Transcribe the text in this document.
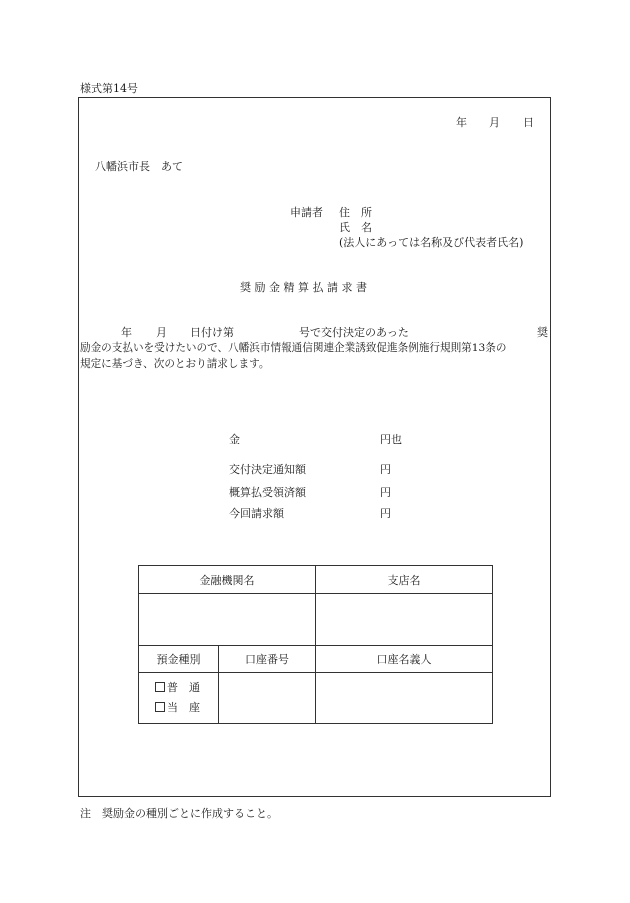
様式第14号
年 月 日
八幡浜市長　あて
申請者 住　所
氏　名
(法人にあっては名称及び代表者氏名)
奨 励 金 精 算 払 請 求 書
年 月 日付け第	号で交付決定のあった	奨
励金の支払いを受けたいので、八幡浜市情報通信関連企業誘致促進条例施行規則第13条の
規定に基づき、次のとおり請求します。
金	円也
交付決定通知額	円
概算払受領済額	円
今回請求額	円
金融機関名		支店名

預金種別	口座番号	口座名義人

普　通
当　座		

注　奨励金の種別ごとに作成すること。
